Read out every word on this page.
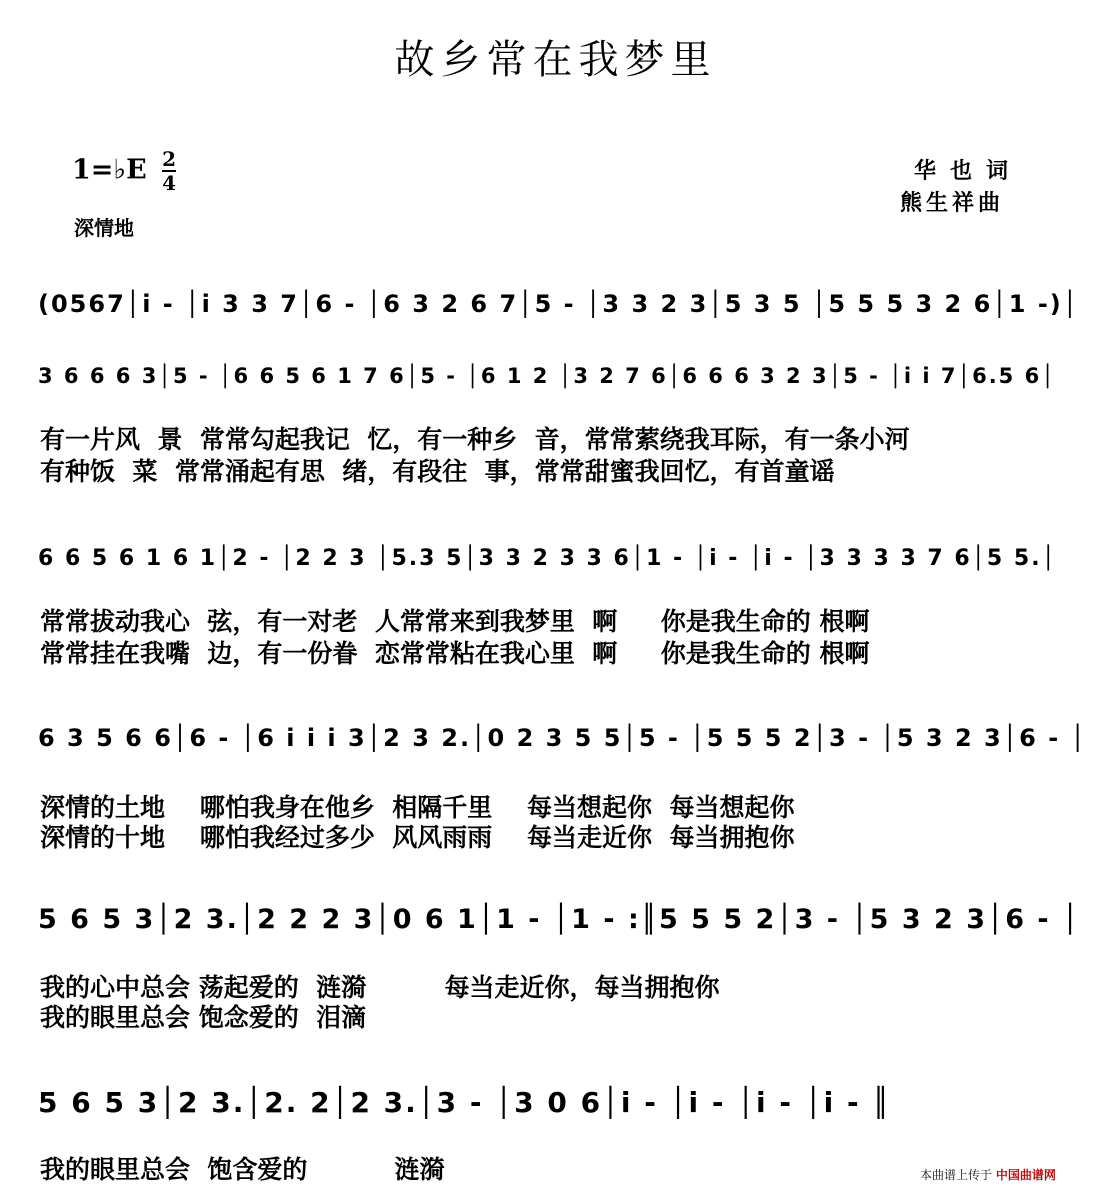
故乡常在我梦里
1=♭E $\frac{2}{4}$
深情地
华也词
熊生祥曲
(0567│i - │i 3 3 7│6 - │6 3 2 6 7│5 - │3 3 2 3│5 3 5 │5 5 5 3 2 6│1 -)│
3 6 6 6 3│5 - │6 6 5 6 1 7 6│5 - │6 1 2 │3 2 7 6│6 6 6 3 2 3│5 - │i i 7│6.5 6│
有一片风  景  常常勾起我记  忆，有一种乡  音，常常萦绕我耳际，有一条小河
有种饭  菜  常常涌起有思  绪，有段往  事，常常甜蜜我回忆，有首童谣
6 6 5 6 1 6 1│2 - │2 2 3 │5.3 5│3 3 2 3 3 6│1 - │i - │i - │3 3 3 3 7 6│5 5.│
常常拔动我心  弦，有一对老  人常常来到我梦里  啊     你是我生命的 根啊
常常挂在我嘴  边，有一份眷  恋常常粘在我心里  啊     你是我生命的 根啊
6 3 5 6 6│6 - │6 i i i 3│2 3 2.│0 2 3 5 5│5 - │5 5 5 2│3 - │5 3 2 3│6 - │
深情的土地    哪怕我身在他乡  相隔千里    每当想起你  每当想起你
深情的十地    哪怕我经过多少  风风雨雨    每当走近你  每当拥抱你
5 6 5 3│2 3.│2 2 2 3│0 6 1│1 - │1 - :║5 5 5 2│3 - │5 3 2 3│6 - │
我的心中总会 荡起爱的  涟漪         每当走近你，每当拥抱你
我的眼里总会 饱念爱的  泪滴
5 6 5 3│2 3.│2. 2│2 3.│3 - │3 0 6│i - │i - │i - │i - ║
我的眼里总会  饱含爱的          涟漪	本曲谱上传于 中国曲谱网
